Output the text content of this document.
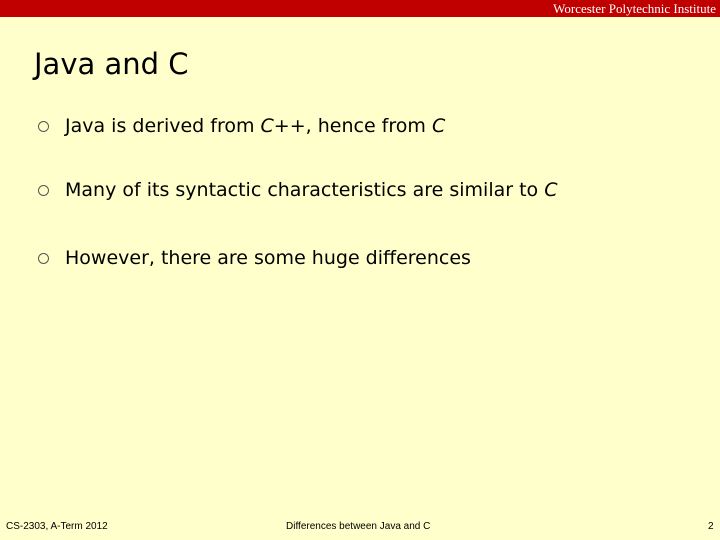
Worcester Polytechnic Institute
Java and C
Java is derived from C++, hence from C
Many of its syntactic characteristics are similar to C
However, there are some huge differences
CS-2303, A-Term 2012	Differences between Java and C	2
